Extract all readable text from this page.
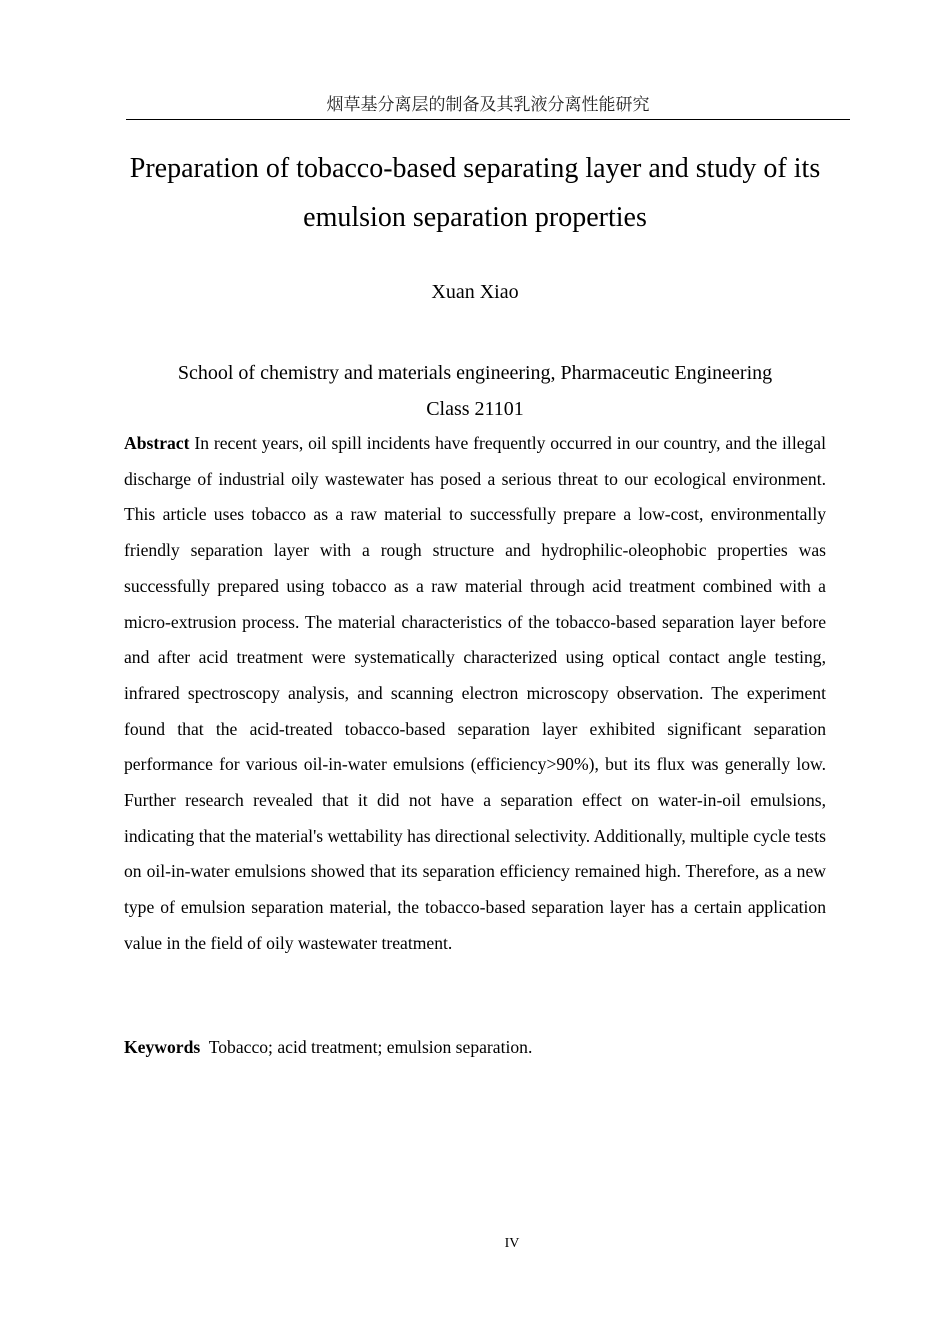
烟草基分离层的制备及其乳液分离性能研究
Preparation of tobacco-based separating layer and study of its emulsion separation properties
Xuan Xiao
School of chemistry and materials engineering, Pharmaceutic Engineering
Class 21101

Abstract In recent years, oil spill incidents have frequently occurred in our country, and the illegal discharge of industrial oily wastewater has posed a serious threat to our ecological environment. This article uses tobacco as a raw material to successfully prepare a low-cost, environmentally friendly separation layer with a rough structure and hydrophilic-oleophobic properties was successfully prepared using tobacco as a raw material through acid treatment combined with a micro-extrusion process. The material characteristics of the tobacco-based separation layer before and after acid treatment were systematically characterized using optical contact angle testing, infrared spectroscopy analysis, and scanning electron microscopy observation. The experiment found that the acid-treated tobacco-based separation layer exhibited significant separation performance for various oil-in-water emulsions (efficiency>90%), but its flux was generally low. Further research revealed that it did not have a separation effect on water-in-oil emulsions, indicating that the material's wettability has directional selectivity. Additionally, multiple cycle tests on oil-in-water emulsions showed that its separation efficiency remained high. Therefore, as a new type of emulsion separation material, the tobacco-based separation layer has a certain application value in the field of oily wastewater treatment.

Keywords Tobacco; acid treatment; emulsion separation.
IV
